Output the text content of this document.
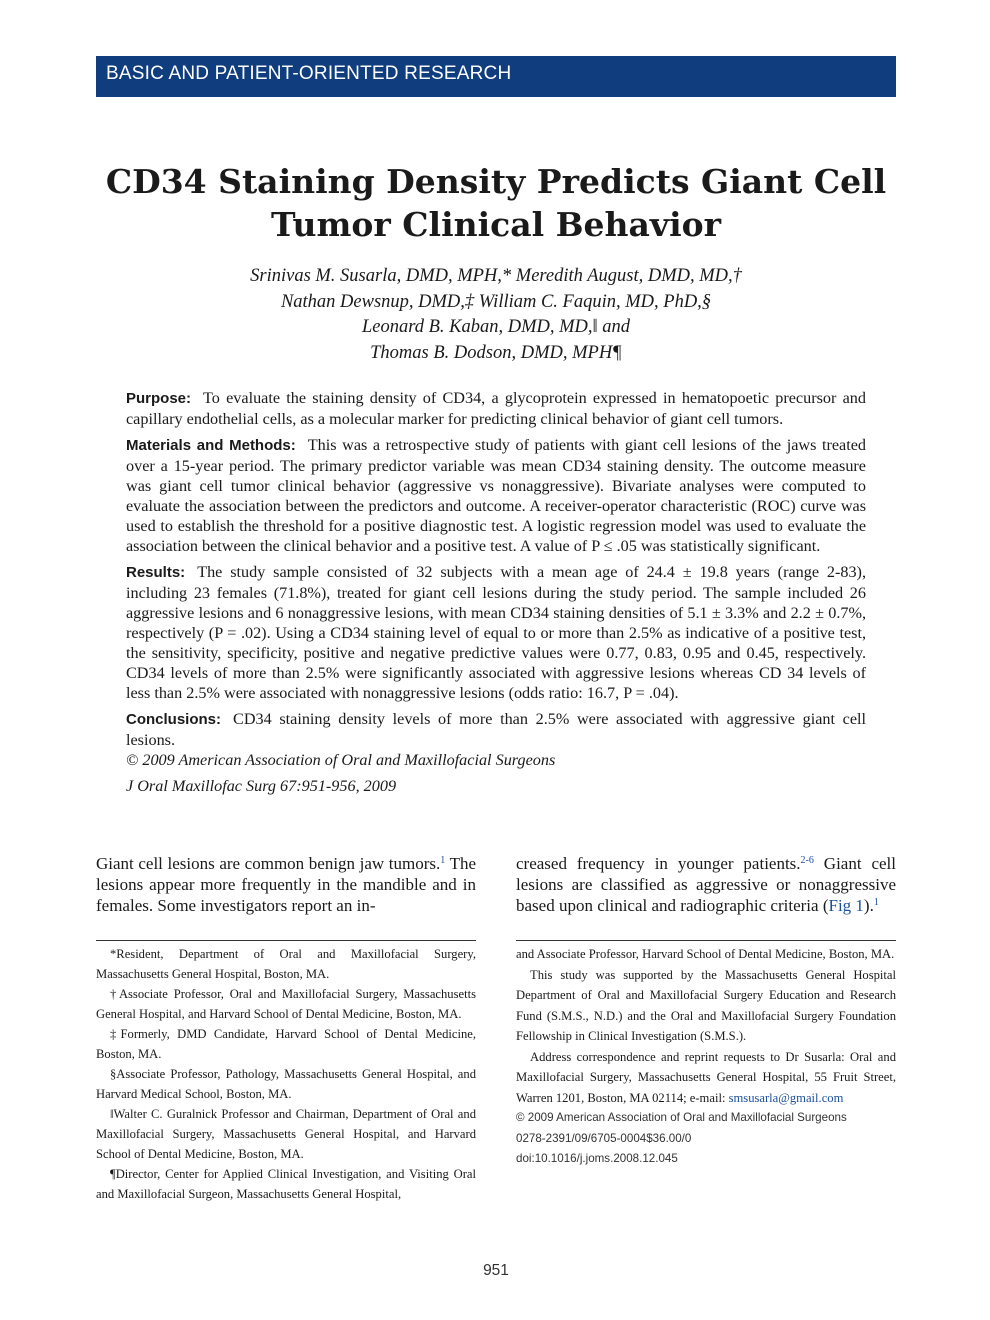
BASIC AND PATIENT-ORIENTED RESEARCH
CD34 Staining Density Predicts Giant Cell
Tumor Clinical Behavior
Srinivas M. Susarla, DMD, MPH,* Meredith August, DMD, MD,†
Nathan Dewsnup, DMD,‡ William C. Faquin, MD, PhD,§
Leonard B. Kaban, DMD, MD,‖ and
Thomas B. Dodson, DMD, MPH¶

Purpose: To evaluate the staining density of CD34, a glycoprotein expressed in hematopoetic precursor and capillary endothelial cells, as a molecular marker for predicting clinical behavior of giant cell tumors.

Materials and Methods: This was a retrospective study of patients with giant cell lesions of the jaws treated over a 15-year period. The primary predictor variable was mean CD34 staining density. The outcome measure was giant cell tumor clinical behavior (aggressive vs nonaggressive). Bivariate analyses were computed to evaluate the association between the predictors and outcome. A receiver-operator characteristic (ROC) curve was used to establish the threshold for a positive diagnostic test. A logistic regression model was used to evaluate the association between the clinical behavior and a positive test. A value of P ≤ .05 was statistically significant.

Results: The study sample consisted of 32 subjects with a mean age of 24.4 ± 19.8 years (range 2-83), including 23 females (71.8%), treated for giant cell lesions during the study period. The sample included 26 aggressive lesions and 6 nonaggressive lesions, with mean CD34 staining densities of 5.1 ± 3.3% and 2.2 ± 0.7%, respectively (P = .02). Using a CD34 staining level of equal to or more than 2.5% as indicative of a positive test, the sensitivity, specificity, positive and negative predictive values were 0.77, 0.83, 0.95 and 0.45, respectively. CD34 levels of more than 2.5% were significantly associated with aggressive lesions whereas CD 34 levels of less than 2.5% were associated with nonaggressive lesions (odds ratio: 16.7, P = .04).

Conclusions: CD34 staining density levels of more than 2.5% were associated with aggressive giant cell lesions.

© 2009 American Association of Oral and Maxillofacial Surgeons

J Oral Maxillofac Surg 67:951-956, 2009

Giant cell lesions are common benign jaw tumors.$^1$ The lesions appear more frequently in the mandible and in females. Some investigators report an in-

creased frequency in younger patients.$^{2-6}$ Giant cell lesions are classified as aggressive or nonaggressive based upon clinical and radiographic criteria (Fig 1).$^1$

*Resident, Department of Oral and Maxillofacial Surgery, Massachusetts General Hospital, Boston, MA.

†Associate Professor, Oral and Maxillofacial Surgery, Massachusetts General Hospital, and Harvard School of Dental Medicine, Boston, MA.

‡Formerly, DMD Candidate, Harvard School of Dental Medicine, Boston, MA.

§Associate Professor, Pathology, Massachusetts General Hospital, and Harvard Medical School, Boston, MA.

‖Walter C. Guralnick Professor and Chairman, Department of Oral and Maxillofacial Surgery, Massachusetts General Hospital, and Harvard School of Dental Medicine, Boston, MA.

¶Director, Center for Applied Clinical Investigation, and Visiting Oral and Maxillofacial Surgeon, Massachusetts General Hospital,

and Associate Professor, Harvard School of Dental Medicine, Boston, MA.

This study was supported by the Massachusetts General Hospital Department of Oral and Maxillofacial Surgery Education and Research Fund (S.M.S., N.D.) and the Oral and Maxillofacial Surgery Foundation Fellowship in Clinical Investigation (S.M.S.).

Address correspondence and reprint requests to Dr Susarla: Oral and Maxillofacial Surgery, Massachusetts General Hospital, 55 Fruit Street, Warren 1201, Boston, MA 02114; e-mail: smsusarla@gmail.com

© 2009 American Association of Oral and Maxillofacial Surgeons

0278-2391/09/6705-0004$36.00/0

doi:10.1016/j.joms.2008.12.045

951
